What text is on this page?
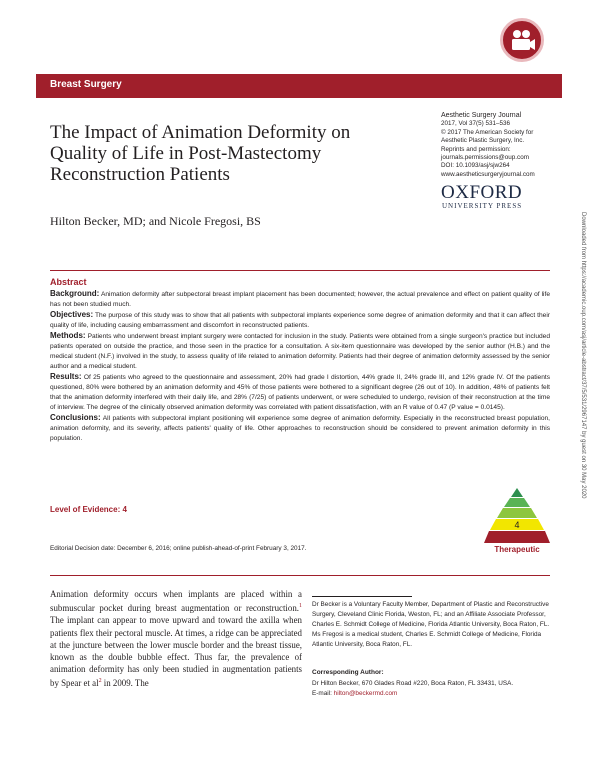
Breast Surgery
The Impact of Animation Deformity on Quality of Life in Post-Mastectomy Reconstruction Patients
Hilton Becker, MD; and Nicole Fregosi, BS
Aesthetic Surgery Journal
2017, Vol 37(5) 531–536
© 2017 The American Society for
Aesthetic Plastic Surgery, Inc.
Reprints and permission:
journals.permissions@oup.com
DOI: 10.1093/asj/sjw264
www.aestheticsurgeryjournal.com
OXFORD
UNIVERSITY PRESS
Abstract

Background: Animation deformity after subpectoral breast implant placement has been documented; however, the actual prevalence and effect on patient quality of life has not been studied much.

Objectives: The purpose of this study was to show that all patients with subpectoral implants experience some degree of animation deformity and that it can affect their quality of life, including causing embarrassment and discomfort in reconstructed patients.

Methods: Patients who underwent breast implant surgery were contacted for inclusion in the study. Patients were obtained from a single surgeon's practice but included patients operated on outside the practice, and those seen in the practice for a consultation. A six-item questionnaire was developed by the senior author (H.B.) and the medical student (N.F.) involved in the study, to assess quality of life related to animation deformity. Patients had their degree of animation deformity assessed by the senior author and a medical student.

Results: Of 25 patients who agreed to the questionnaire and assessment, 20% had grade I distortion, 44% grade II, 24% grade III, and 12% grade IV. Of the patients questioned, 80% were bothered by an animation deformity and 45% of those patients were bothered to a significant degree (26 out of 10). In addition, 48% of patients felt that the animation deformity interfered with their daily life, and 28% (7/25) of patients underwent, or were scheduled to undergo, revision of their reconstruction at the time of interview. The degree of the clinically observed animation deformity was correlated with patient dissatisfaction, with an R value of 0.47 (P value = 0.0145).

Conclusions: All patients with subpectoral implant positioning will experience some degree of animation deformity. Especially in the reconstructed breast population, animation deformity, and its severity, affects patients' quality of life. Other approaches to reconstruction should be considered to prevent animation deformity in this population.

Level of Evidence: 4
4
Therapeutic
Editorial Decision date: December 6, 2016; online publish-ahead-of-print February 3, 2017.

Animation deformity occurs when implants are placed within a submuscular pocket during breast augmentation or reconstruction.$^1$ The implant can appear to move upward and toward the axilla when patients flex their pectoral muscle. At times, a ridge can be appreciated at the juncture between the lower muscle border and the breast tissue, known as the double bubble effect. Thus far, the prevalence of animation deformity has only been studied in augmentation patients by Spear et $al^2$ in 2009. The

Dr Becker is a Voluntary Faculty Member, Department of Plastic and Reconstructive Surgery, Cleveland Clinic Florida, Weston, FL; and an Affiliate Associate Professor, Charles E. Schmidt College of Medicine, Florida Atlantic University, Boca Raton, FL. Ms Fregosi is a medical student, Charles E. Schmidt College of Medicine, Florida Atlantic University, Boca Raton, FL.
Corresponding Author:
Dr Hilton Becker, 670 Glades Road #220, Boca Raton, FL 33431, USA.
E-mail: hilton@beckermd.com
Downloaded from https://academic.oup.com/asj/article-abstract/37/5/531/2967147 by guest on 30 May 2020
